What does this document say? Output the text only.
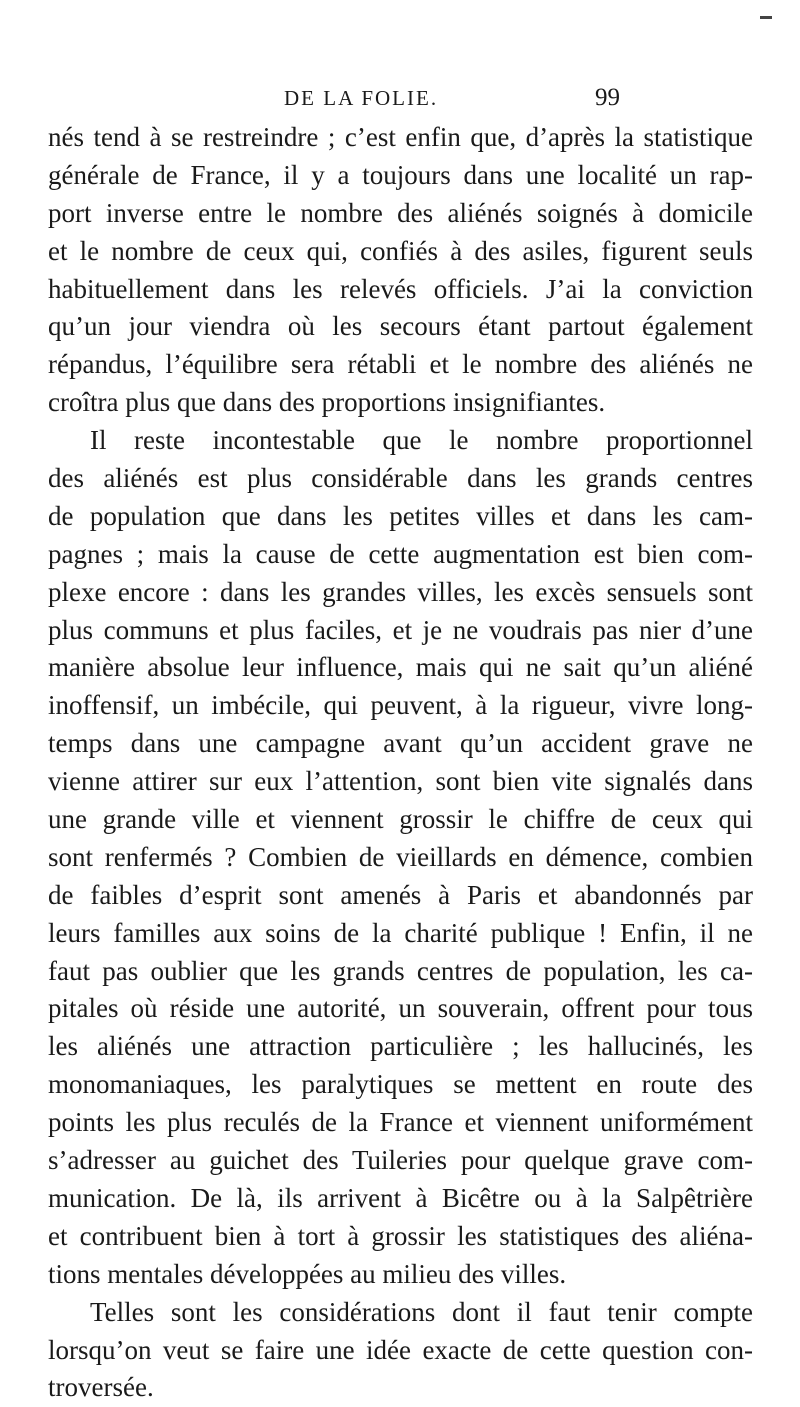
DE LA FOLIE.	99
nés tend à se restreindre ; c’est enfin que, d’après la statistique
générale de France, il y a toujours dans une localité un rap-
port inverse entre le nombre des aliénés soignés à domicile
et le nombre de ceux qui, confiés à des asiles, figurent seuls
habituellement dans les relevés officiels. J’ai la conviction
qu’un jour viendra où les secours étant partout également
répandus, l’équilibre sera rétabli et le nombre des aliénés ne
croîtra plus que dans des proportions insignifiantes.
Il reste incontestable que le nombre proportionnel
des aliénés est plus considérable dans les grands centres
de population que dans les petites villes et dans les cam-
pagnes ; mais la cause de cette augmentation est bien com-
plexe encore : dans les grandes villes, les excès sensuels sont
plus communs et plus faciles, et je ne voudrais pas nier d’une
manière absolue leur influence, mais qui ne sait qu’un aliéné
inoffensif, un imbécile, qui peuvent, à la rigueur, vivre long-
temps dans une campagne avant qu’un accident grave ne
vienne attirer sur eux l’attention, sont bien vite signalés dans
une grande ville et viennent grossir le chiffre de ceux qui
sont renfermés ? Combien de vieillards en démence, combien
de faibles d’esprit sont amenés à Paris et abandonnés par
leurs familles aux soins de la charité publique ! Enfin, il ne
faut pas oublier que les grands centres de population, les ca-
pitales où réside une autorité, un souverain, offrent pour tous
les aliénés une attraction particulière ; les hallucinés, les
monomaniaques, les paralytiques se mettent en route des
points les plus reculés de la France et viennent uniformément
s’adresser au guichet des Tuileries pour quelque grave com-
munication. De là, ils arrivent à Bicêtre ou à la Salpêtrière
et contribuent bien à tort à grossir les statistiques des aliéna-
tions mentales développées au milieu des villes.
Telles sont les considérations dont il faut tenir compte
lorsqu’on veut se faire une idée exacte de cette question con-
troversée.
